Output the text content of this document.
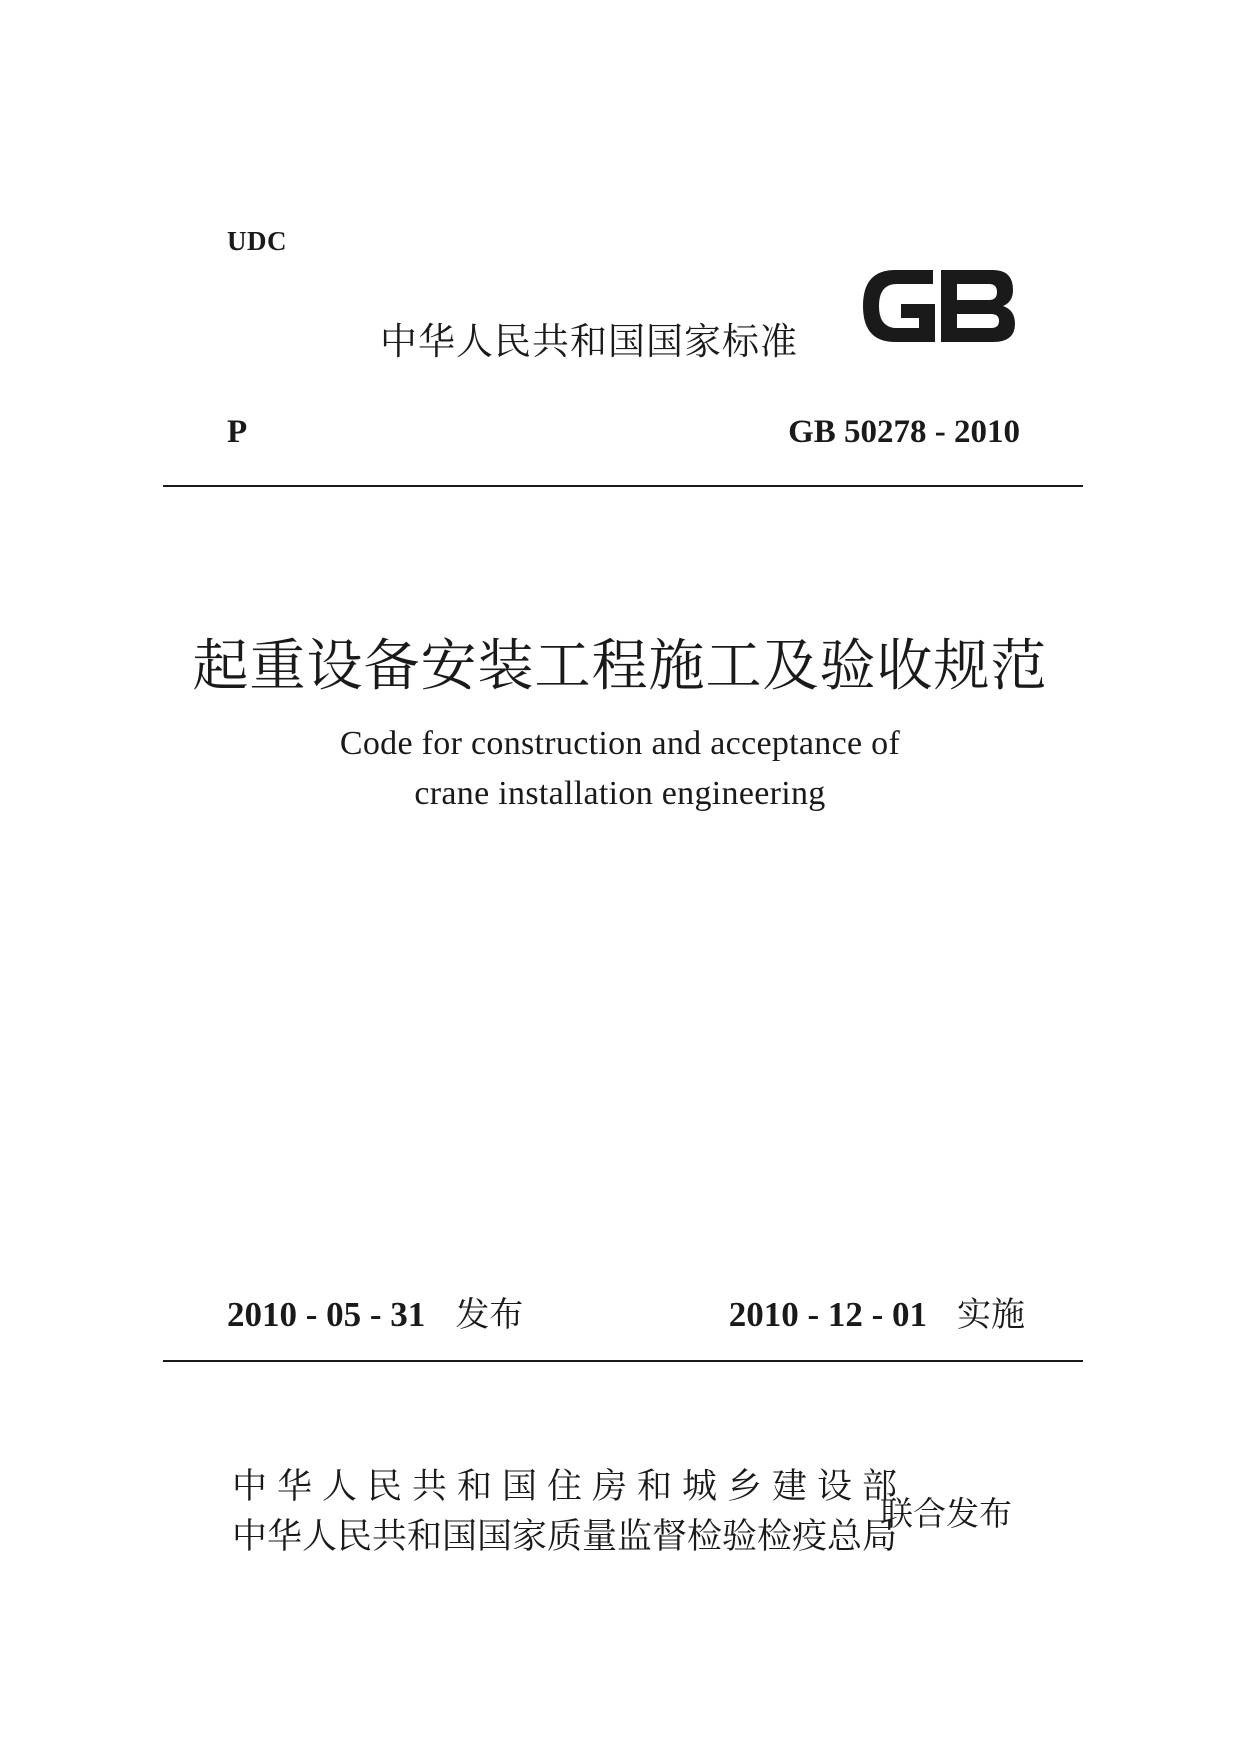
UDC
中华人民共和国国家标准
GB
P	GB 50278 - 2010
起重设备安装工程施工及验收规范
Code for construction and acceptance of
crane installation engineering
2010 - 05 - 31 发布	2010 - 12 - 01 实施
中华人民共和国住房和城乡建设部
中华人民共和国国家质量监督检验检疫总局
联合发布
